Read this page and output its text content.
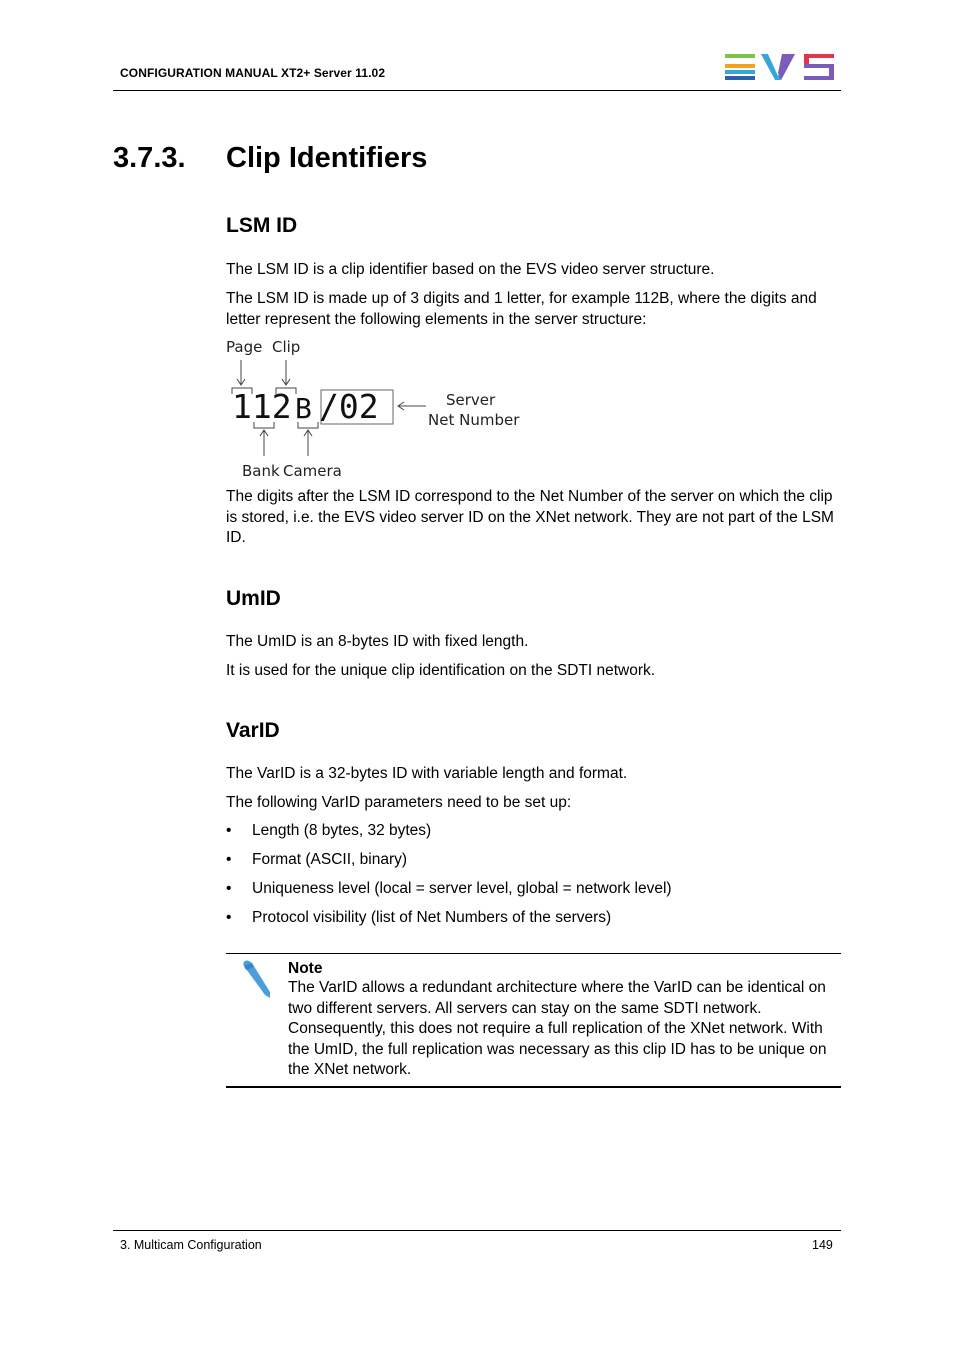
CONFIGURATION MANUAL XT2+ Server 11.02
3.7.3. Clip Identifiers
LSM ID
The LSM ID is a clip identifier based on the EVS video server structure.
The LSM ID is made up of 3 digits and 1 letter, for example 112B, where the digits and letter represent the following elements in the server structure:
Page Clip
Server
Net Number
Bank Camera
112 B /02
The digits after the LSM ID correspond to the Net Number of the server on which the clip is stored, i.e. the EVS video server ID on the XNet network. They are not part of the LSM ID.
UmID
The UmID is an 8-bytes ID with fixed length.
It is used for the unique clip identification on the SDTI network.
VarID
The VarID is a 32-bytes ID with variable length and format.
The following VarID parameters need to be set up:
• Length (8 bytes, 32 bytes)
• Format (ASCII, binary)
• Uniqueness level (local = server level, global = network level)
• Protocol visibility (list of Net Numbers of the servers)
Note
The VarID allows a redundant architecture where the VarID can be identical on two different servers. All servers can stay on the same SDTI network. Consequently, this does not require a full replication of the XNet network. With the UmID, the full replication was necessary as this clip ID has to be unique on the XNet network.
3. Multicam Configuration	149
